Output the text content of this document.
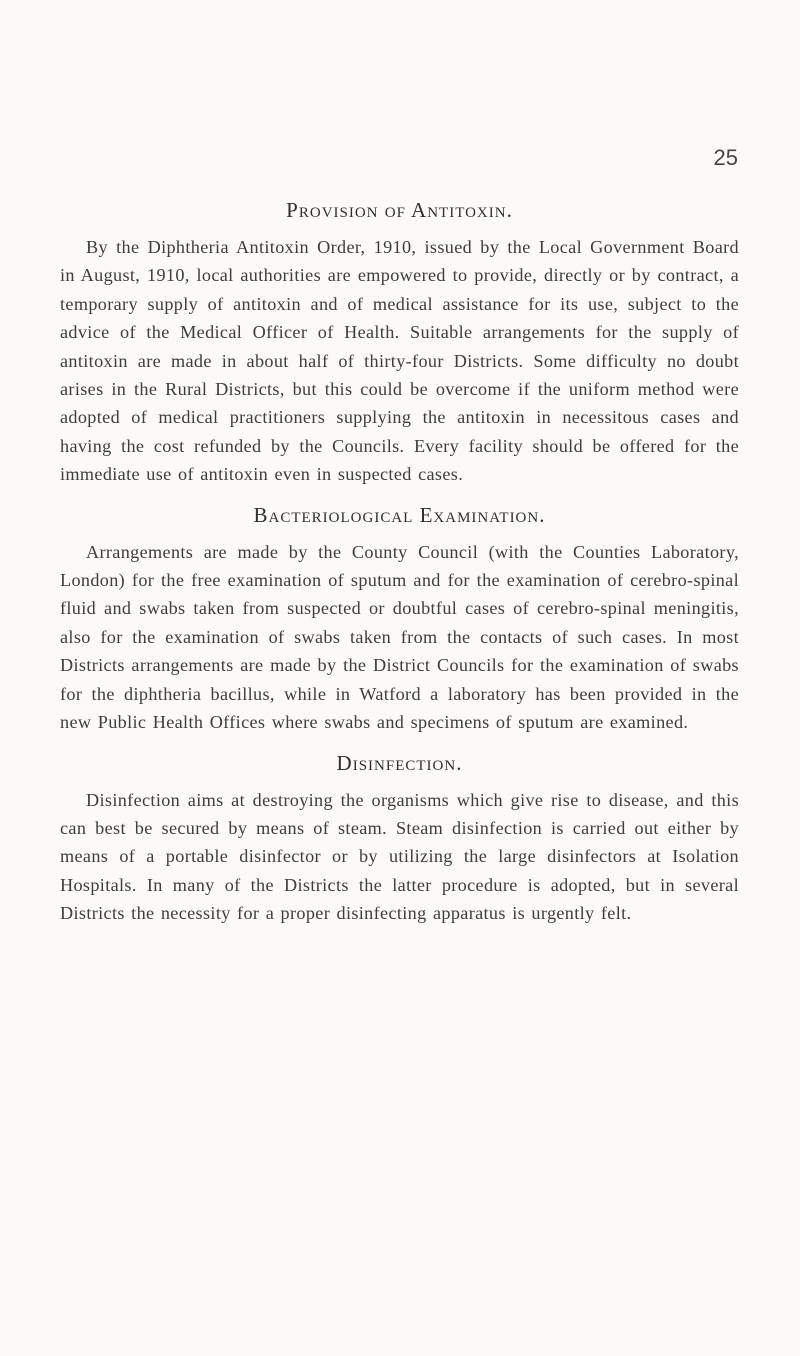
25
Provision of Antitoxin.

By the Diphtheria Antitoxin Order, 1910, issued by the Local Government Board in August, 1910, local authorities are empowered to provide, directly or by contract, a temporary supply of antitoxin and of medical assistance for its use, subject to the advice of the Medical Officer of Health. Suitable arrangements for the supply of antitoxin are made in about half of thirty-four Districts. Some difficulty no doubt arises in the Rural Districts, but this could be overcome if the uniform method were adopted of medical practitioners supplying the antitoxin in necessitous cases and having the cost refunded by the Councils. Every facility should be offered for the immediate use of antitoxin even in suspected cases.

Bacteriological Examination.

Arrangements are made by the County Council (with the Counties Laboratory, London) for the free examination of sputum and for the examination of cerebro-spinal fluid and swabs taken from suspected or doubtful cases of cerebro-spinal meningitis, also for the examination of swabs taken from the contacts of such cases. In most Districts arrangements are made by the District Councils for the examination of swabs for the diphtheria bacillus, while in Watford a laboratory has been provided in the new Public Health Offices where swabs and specimens of sputum are examined.

Disinfection.

Disinfection aims at destroying the organisms which give rise to disease, and this can best be secured by means of steam. Steam disinfection is carried out either by means of a portable disinfector or by utilizing the large disinfectors at Isolation Hospitals. In many of the Districts the latter procedure is adopted, but in several Districts the necessity for a proper disinfecting apparatus is urgently felt.
